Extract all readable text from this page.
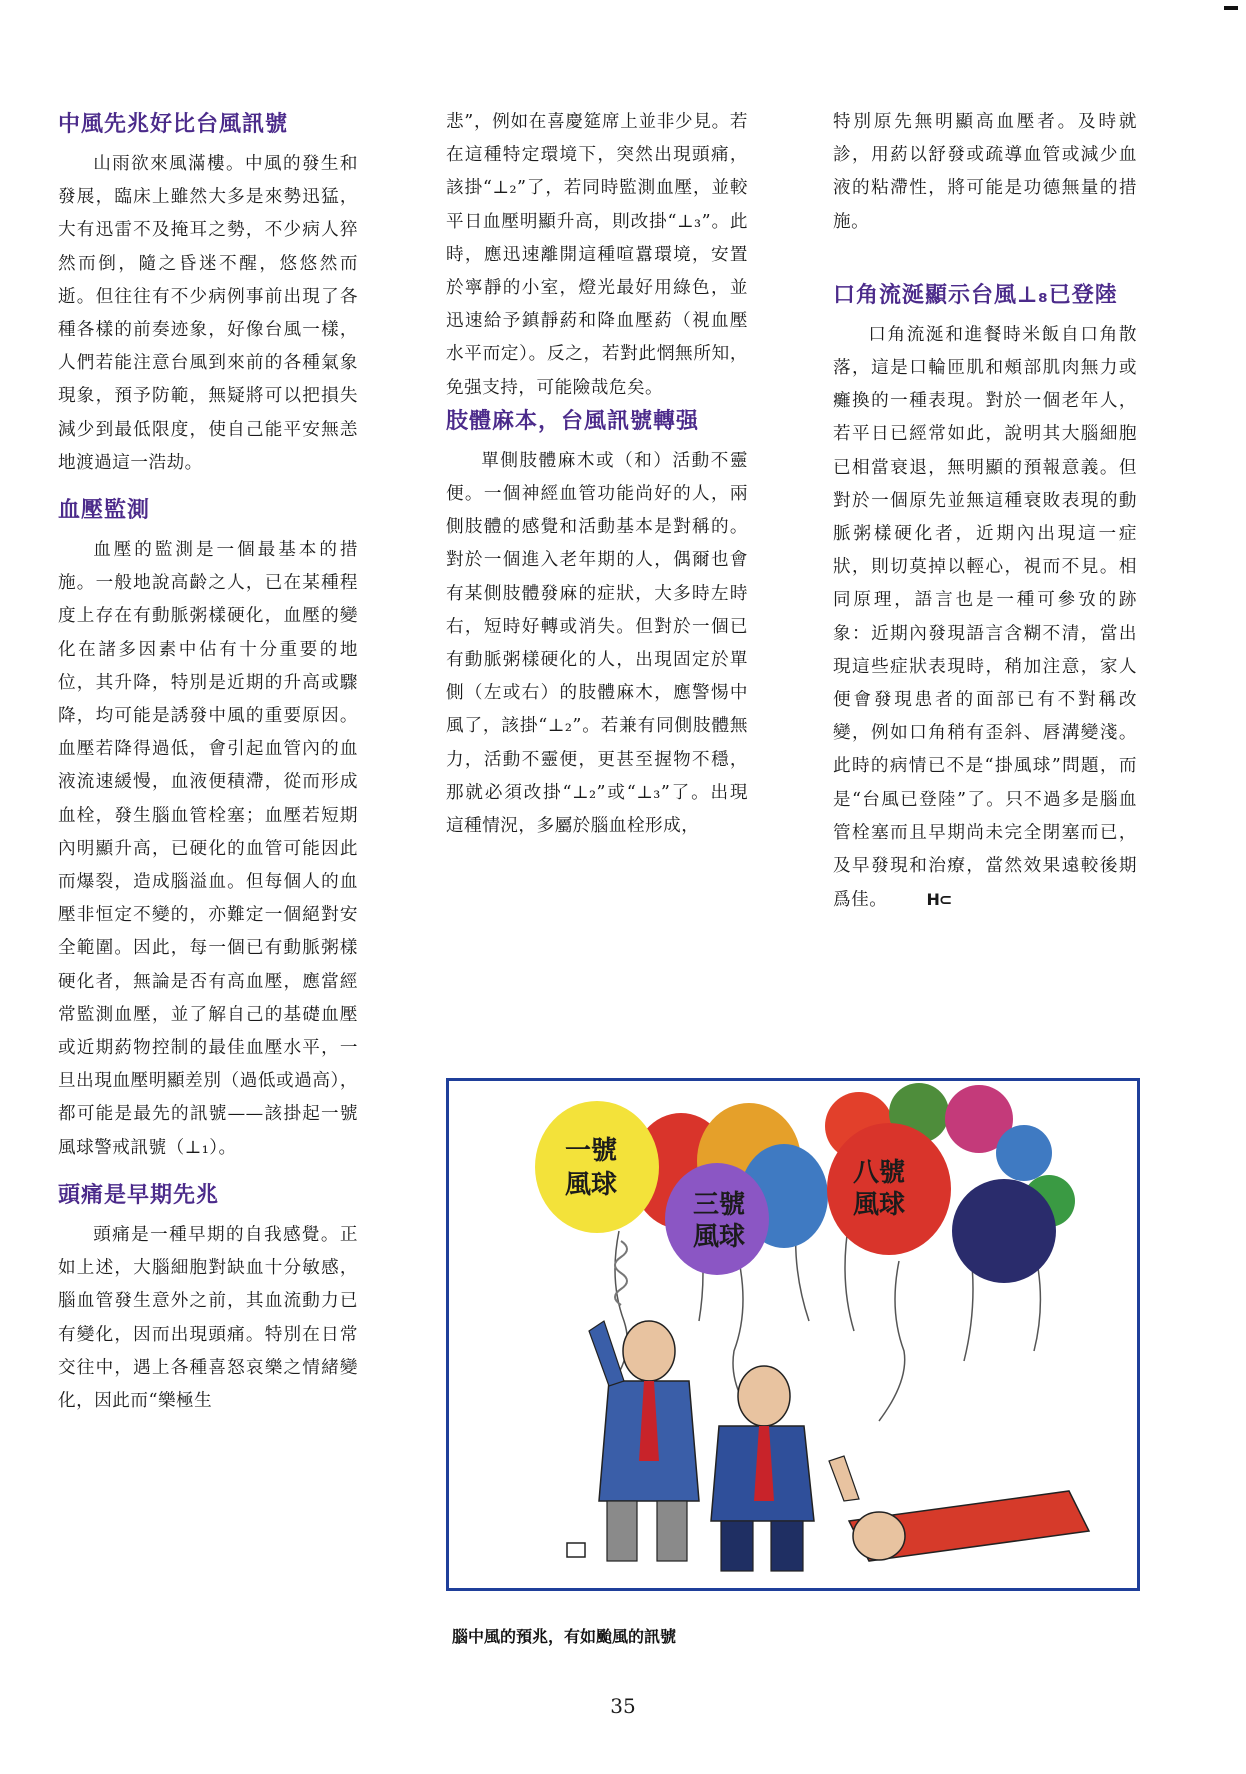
中風先兆好比台風訊號

山雨欲來風滿樓。中風的發生和發展，臨床上雖然大多是來勢迅猛，大有迅雷不及掩耳之勢，不少病人猝然而倒，隨之昏迷不醒，悠悠然而逝。但往往有不少病例事前出現了各種各樣的前奏迹象，好像台風一樣，人們若能注意台風到來前的各種氣象現象，預予防範，無疑將可以把損失減少到最低限度，使自己能平安無恙地渡過這一浩劫。

血壓監測

血壓的監測是一個最基本的措施。一般地說高齡之人，已在某種程度上存在有動脈粥樣硬化，血壓的變化在諸多因素中佔有十分重要的地位，其升降，特別是近期的升高或驟降，均可能是誘發中風的重要原因。血壓若降得過低，會引起血管內的血液流速緩慢，血液便積滯，從而形成血栓，發生腦血管栓塞；血壓若短期內明顯升高，已硬化的血管可能因此而爆裂，造成腦溢血。但每個人的血壓非恒定不變的，亦難定一個絕對安全範圍。因此，每一個已有動脈粥樣硬化者，無論是否有高血壓，應當經常監測血壓，並了解自己的基礎血壓或近期葯物控制的最佳血壓水平，一旦出現血壓明顯差別（過低或過高），都可能是最先的訊號——該掛起一號風球警戒訊號（⊥₁）。

頭痛是早期先兆

頭痛是一種早期的自我感覺。正如上述，大腦細胞對缺血十分敏感，腦血管發生意外之前，其血流動力已有變化，因而出現頭痛。特別在日常交往中，遇上各種喜怒哀樂之情緒變化，因此而“樂極生

悲”，例如在喜慶筵席上並非少見。若在這種特定環境下，突然出現頭痛，該掛“⊥₂”了，若同時監測血壓，並較平日血壓明顯升高，則改掛“⊥₃”。此時，應迅速離開這種喧囂環境，安置於寧靜的小室，燈光最好用綠色，並迅速給予鎮靜葯和降血壓葯（視血壓水平而定）。反之，若對此惘無所知，免强支持，可能險哉危矣。

肢體麻本，台風訊號轉强

單側肢體麻木或（和）活動不靈便。一個神經血管功能尚好的人，兩側肢體的感覺和活動基本是對稱的。對於一個進入老年期的人，偶爾也會有某側肢體發麻的症狀，大多時左時右，短時好轉或消失。但對於一個已有動脈粥樣硬化的人，出現固定於單側（左或右）的肢體麻木，應警惕中風了，該掛“⊥₂”。若兼有同側肢體無力，活動不靈便，更甚至握物不穩，那就必須改掛“⊥₂”或“⊥₃”了。出現這種情況，多屬於腦血栓形成，

特別原先無明顯高血壓者。及時就診，用葯以舒發或疏導血管或減少血液的粘滯性，將可能是功德無量的措施。

口角流涎顯示台風⊥₈已登陸

口角流涎和進餐時米飯自口角散落，這是口輪匝肌和頰部肌肉無力或癱換的一種表現。對於一個老年人，若平日已經常如此，說明其大腦細胞已相當衰退，無明顯的預報意義。但對於一個原先並無這種衰敗表現的動脈粥樣硬化者，近期內出現這一症狀，則切莫掉以輕心，視而不見。相同原理，語言也是一種可參攷的跡象：近期內發現語言含糊不清，當出現這些症狀表現時，稍加注意，家人便會發現患者的面部已有不對稱改變，例如口角稍有歪斜、唇溝變淺。此時的病情已不是“掛風球”問題，而是“台風已登陸”了。只不過多是腦血管栓塞而且早期尚未完全閉塞而已，及早發現和治療，當然效果遠較後期爲佳。 H⊂

三號
風球
一號
風球	八號
風球

腦中風的預兆，有如颱風的訊號

35
